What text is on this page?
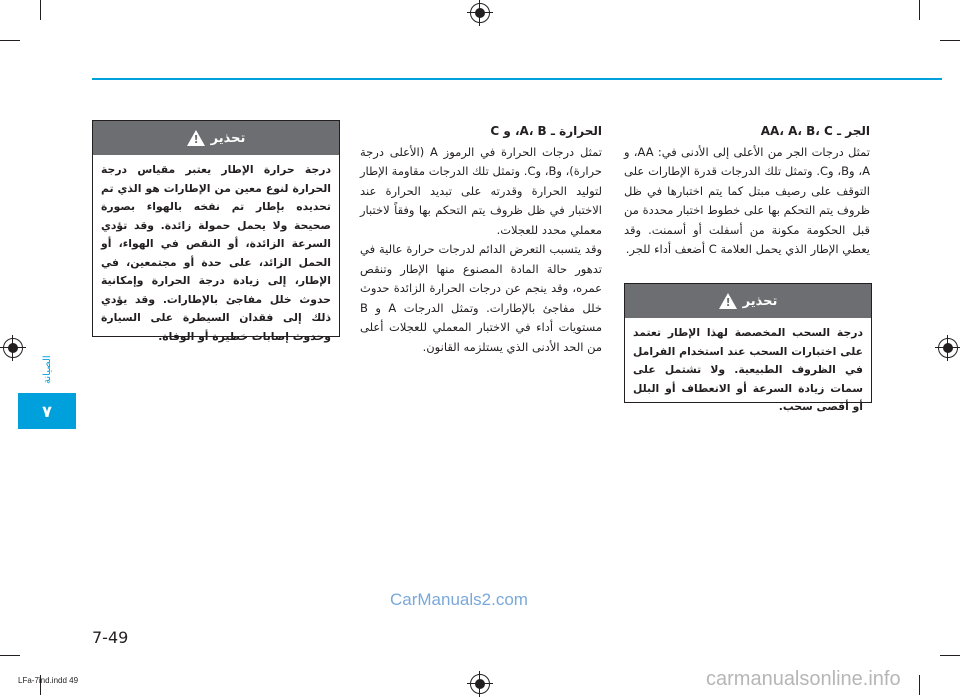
الصيانة
٧
تحذير
!
درجة حرارة الإطار يعتبر مقياس درجة الحرارة لنوع معين من الإطارات هو الذي تم تحديده بإطار تم نفخه بالهواء بصورة صحيحة ولا يحمل حمولة زائدة. وقد تؤدي السرعة الزائدة، أو النقص في الهواء، أو الحمل الزائد، على حدة أو مجتمعين، في الإطار، إلى زيادة درجة الحرارة وإمكانية حدوث خلل مفاجئ بالإطارات. وقد يؤدي ذلك إلى فقدان السيطرة على السيارة وحدوث إصابات خطيرة أو الوفاة.
الحرارة ـ A، B، و C

تمثل درجات الحرارة في الرموز A (الأعلى درجة حرارة)، وB، وC. وتمثل تلك الدرجات مقاومة الإطار لتوليد الحرارة وقدرته على تبديد الحرارة عند الاختبار في ظل ظروف يتم التحكم بها وفقاً لاختبار معملي محدد للعجلات.

وقد يتسبب التعرض الدائم لدرجات حرارة عالية في تدهور حالة المادة المصنوع منها الإطار وتنقص عمره، وقد ينجم عن درجات الحرارة الزائدة حدوث خلل مفاجئ بالإطارات. وتمثل الدرجات A و B مستويات أداء في الاختبار المعملي للعجلات أعلى من الحد الأدنى الذي يستلزمه القانون.

الجر ـ AA، A، B، C

تمثل درجات الجر من الأعلى إلى الأدنى في: AA، و A، وB، وC. وتمثل تلك الدرجات قدرة الإطارات على التوقف على رصيف مبتل كما يتم اختبارها في ظل ظروف يتم التحكم بها على خطوط اختبار محددة من قبل الحكومة مكونة من أسفلت أو أسمنت. وقد يعطي الإطار الذي يحمل العلامة C أضعف أداء للجر.

تحذير
!
درجة السحب المخصصة لهذا الإطار تعتمد على اختبارات السحب عند استخدام الفرامل في الظروف الطبيعية. ولا تشتمل على سمات زيادة السرعة أو الانعطاف أو البلل أو أقصى سحب.
CarManuals2.com
7-49
LFa-7ind.indd 49	carmanualsonline.info
